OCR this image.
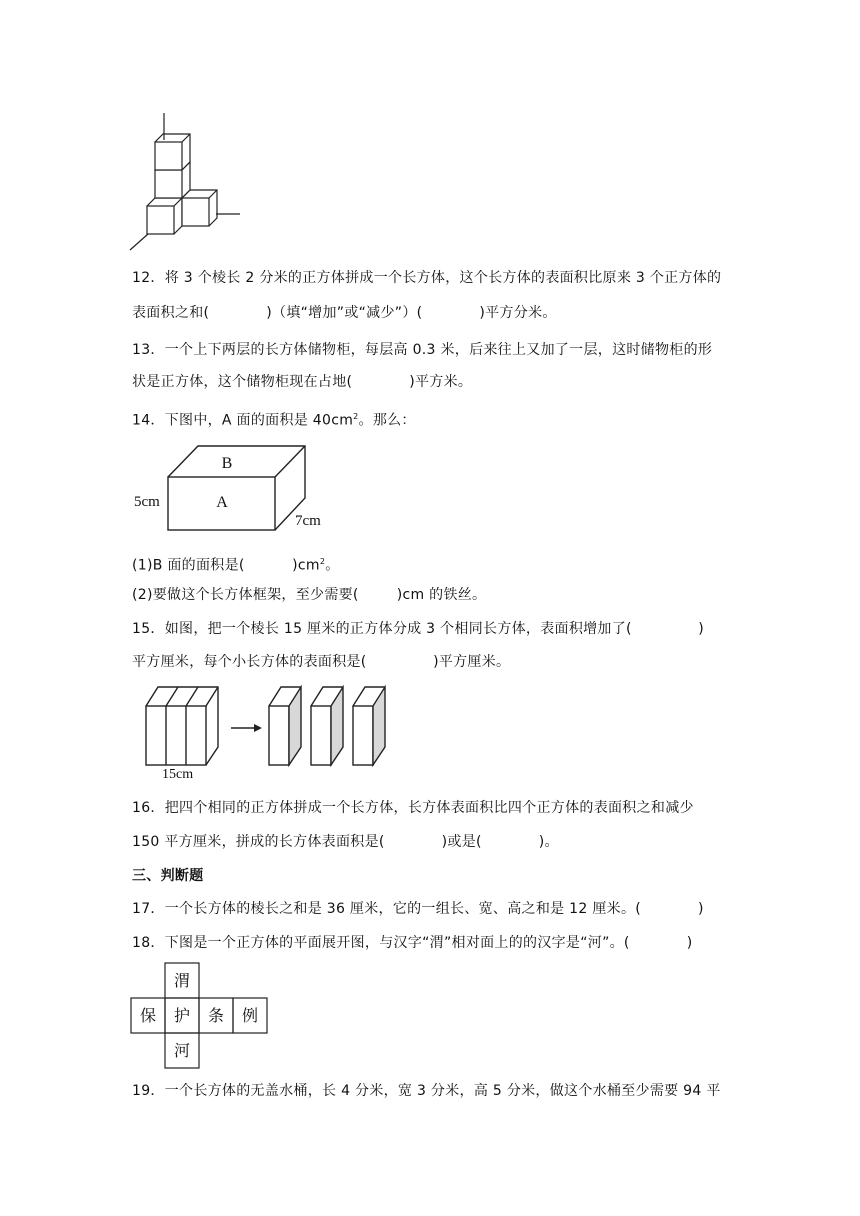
12．将 3 个棱长 2 分米的正方体拼成一个长方体，这个长方体的表面积比原来 3 个正方体的
表面积之和(            )（填“增加”或“减少”）(            )平方分米。
13．一个上下两层的长方体储物柜，每层高 0.3 米，后来往上又加了一层，这时储物柜的形
状是正方体，这个储物柜现在占地(            )平方米。
14．下图中，A 面的面积是 $40cm^2$。那么：
B
A
5cm
7cm
(1)B 面的面积是(          )$cm^2$。
(2)要做这个长方体框架，至少需要(        )cm 的铁丝。
15．如图，把一个棱长 15 厘米的正方体分成 3 个相同长方体，表面积增加了(              )
平方厘米，每个小长方体的表面积是(              )平方厘米。
15cm
16．把四个相同的正方体拼成一个长方体，长方体表面积比四个正方体的表面积之和减少
150 平方厘米，拼成的长方体表面积是(            )或是(            )。
三、判断题
17．一个长方体的棱长之和是 36 厘米，它的一组长、宽、高之和是 12 厘米。(            )
18．下图是一个正方体的平面展开图，与汉字“渭”相对面上的的汉字是“河”。(            )
渭
保 护 条 例
河
19．一个长方体的无盖水桶，长 4 分米，宽 3 分米，高 5 分米，做这个水桶至少需要 94 平
